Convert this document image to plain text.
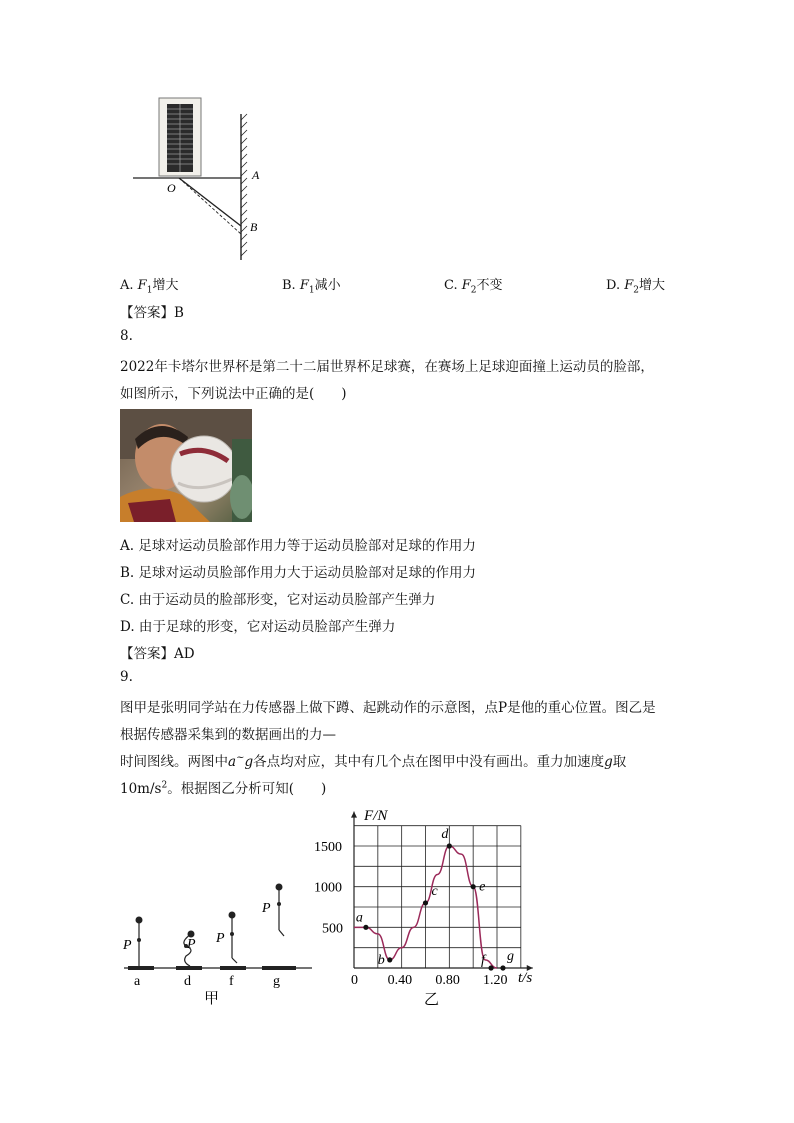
O
A
B
A. $F_1$增大	B. $F_1$减小	C. $F_2$不变	D. $F_2$增大
【答案】B
8.
2022年卡塔尔世界杯是第二十二届世界杯足球赛，在赛场上足球迎面撞上运动员的脸部，
如图所示，下列说法中正确的是(　　)
A. 足球对运动员脸部作用力等于运动员脸部对足球的作用力
B. 足球对运动员脸部作用力大于运动员脸部对足球的作用力
C. 由于运动员的脸部形变，它对运动员脸部产生弹力
D. 由于足球的形变，它对运动员脸部产生弹力
【答案】AD
9.
图甲是张明同学站在力传感器上做下蹲、起跳动作的示意图，点P是他的重心位置。图乙是
根据传感器采集到的数据画出的力—
时间图线。两图中a~g各点均对应，其中有几个点在图甲中没有画出。重力加速度g取
$10m/s^2$。根据图乙分析可知(　　)
P	P P
P
a	d	f	g
甲
a
b
c
d
e
f g
0 0.40 0.80 1.20
500
1000
1500
F/N
t/s
乙
